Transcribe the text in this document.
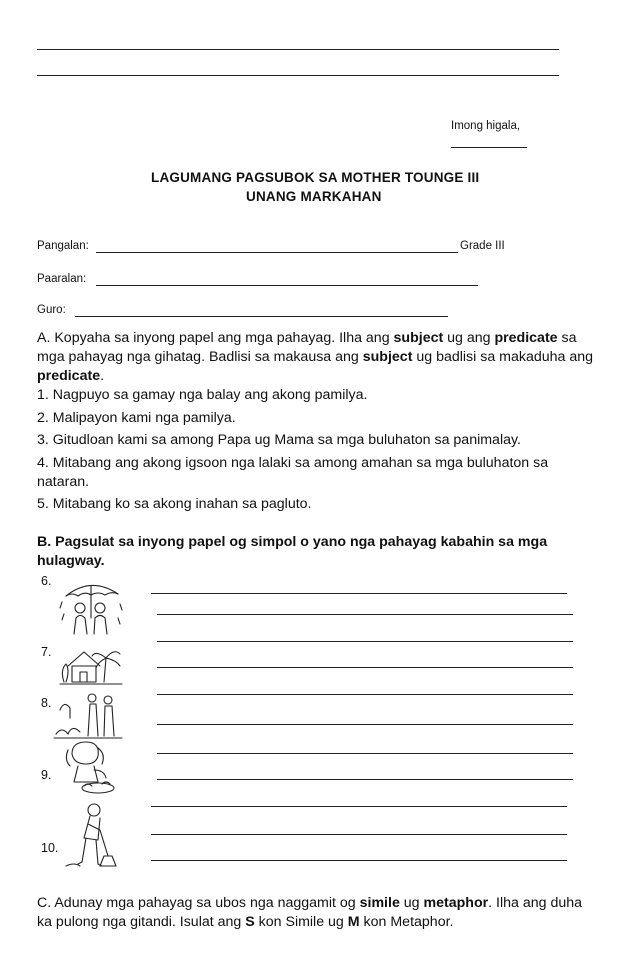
Imong higala,
LAGUMANG PAGSUBOK SA MOTHER TOUNGE III
UNANG MARKAHAN
Pangalan:	Grade III
Paaralan:
Guro:
A. Kopyaha sa inyong papel ang mga pahayag. Ilha ang subject ug ang predicate sa mga pahayag nga gihatag. Badlisi sa makausa ang subject ug badlisi sa makaduha ang predicate.
1. Nagpuyo sa gamay nga balay ang akong pamilya.
2. Malipayon kami nga pamilya.
3. Gitudloan kami sa among Papa ug Mama sa mga buluhaton sa panimalay.
4. Mitabang ang akong igsoon nga lalaki sa among amahan sa mga buluhaton sa
nataran.
5. Mitabang ko sa akong inahan sa pagluto.
B. Pagsulat sa inyong papel og simpol o yano nga pahayag kabahin sa mga hulagway.
6.
7.
8.
9.
10.
C. Adunay mga pahayag sa ubos nga naggamit og simile ug metaphor. Ilha ang duha ka pulong nga gitandi. Isulat ang S kon Simile ug M kon Metaphor.
